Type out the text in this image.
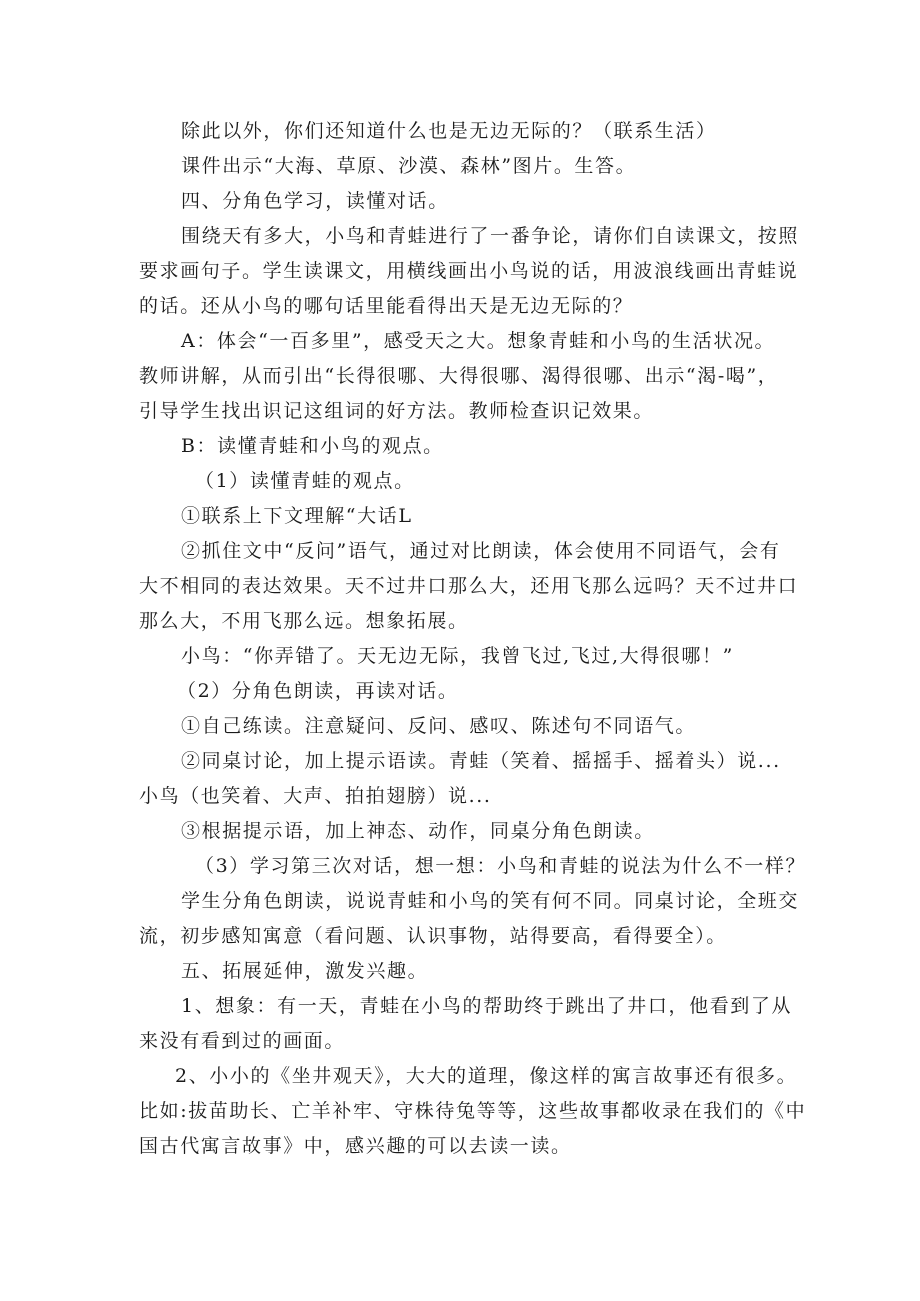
除此以外，你们还知道什么也是无边无际的？（联系生活）
课件出示“大海、草原、沙漠、森林”图片。生答。
四、分角色学习，读懂对话。
围绕天有多大，小鸟和青蛙进行了一番争论，请你们自读课文，按照
要求画句子。学生读课文，用横线画出小鸟说的话，用波浪线画出青蛙说
的话。还从小鸟的哪句话里能看得出天是无边无际的？
A：体会“一百多里”，感受天之大。想象青蛙和小鸟的生活状况。
教师讲解，从而引出“长得很哪、大得很哪、渴得很哪、出示“渴-喝”，
引导学生找出识记这组词的好方法。教师检查识记效果。
B：读懂青蛙和小鸟的观点。
（1）读懂青蛙的观点。
①联系上下文理解“大话L
②抓住文中“反问”语气，通过对比朗读，体会使用不同语气，会有
大不相同的表达效果。天不过井口那么大，还用飞那么远吗？天不过井口
那么大，不用飞那么远。想象拓展。
小鸟：“你弄错了。天无边无际，我曾飞过,飞过,大得很哪！”
（2）分角色朗读，再读对话。
①自己练读。注意疑问、反问、感叹、陈述句不同语气。
②同桌讨论，加上提示语读。青蛙（笑着、摇摇手、摇着头）说...
小鸟（也笑着、大声、拍拍翅膀）说...
③根据提示语，加上神态、动作，同桌分角色朗读。
（3）学习第三次对话，想一想：小鸟和青蛙的说法为什么不一样？
学生分角色朗读，说说青蛙和小鸟的笑有何不同。同桌讨论，全班交
流，初步感知寓意（看问题、认识事物，站得要高，看得要全）。
五、拓展延伸，激发兴趣。
1、想象：有一天，青蛙在小鸟的帮助终于跳出了井口，他看到了从
来没有看到过的画面。
2、小小的《坐井观天》，大大的道理，像这样的寓言故事还有很多。
比如:拔苗助长、亡羊补牢、守株待兔等等，这些故事都收录在我们的《中
国古代寓言故事》中，感兴趣的可以去读一读。
